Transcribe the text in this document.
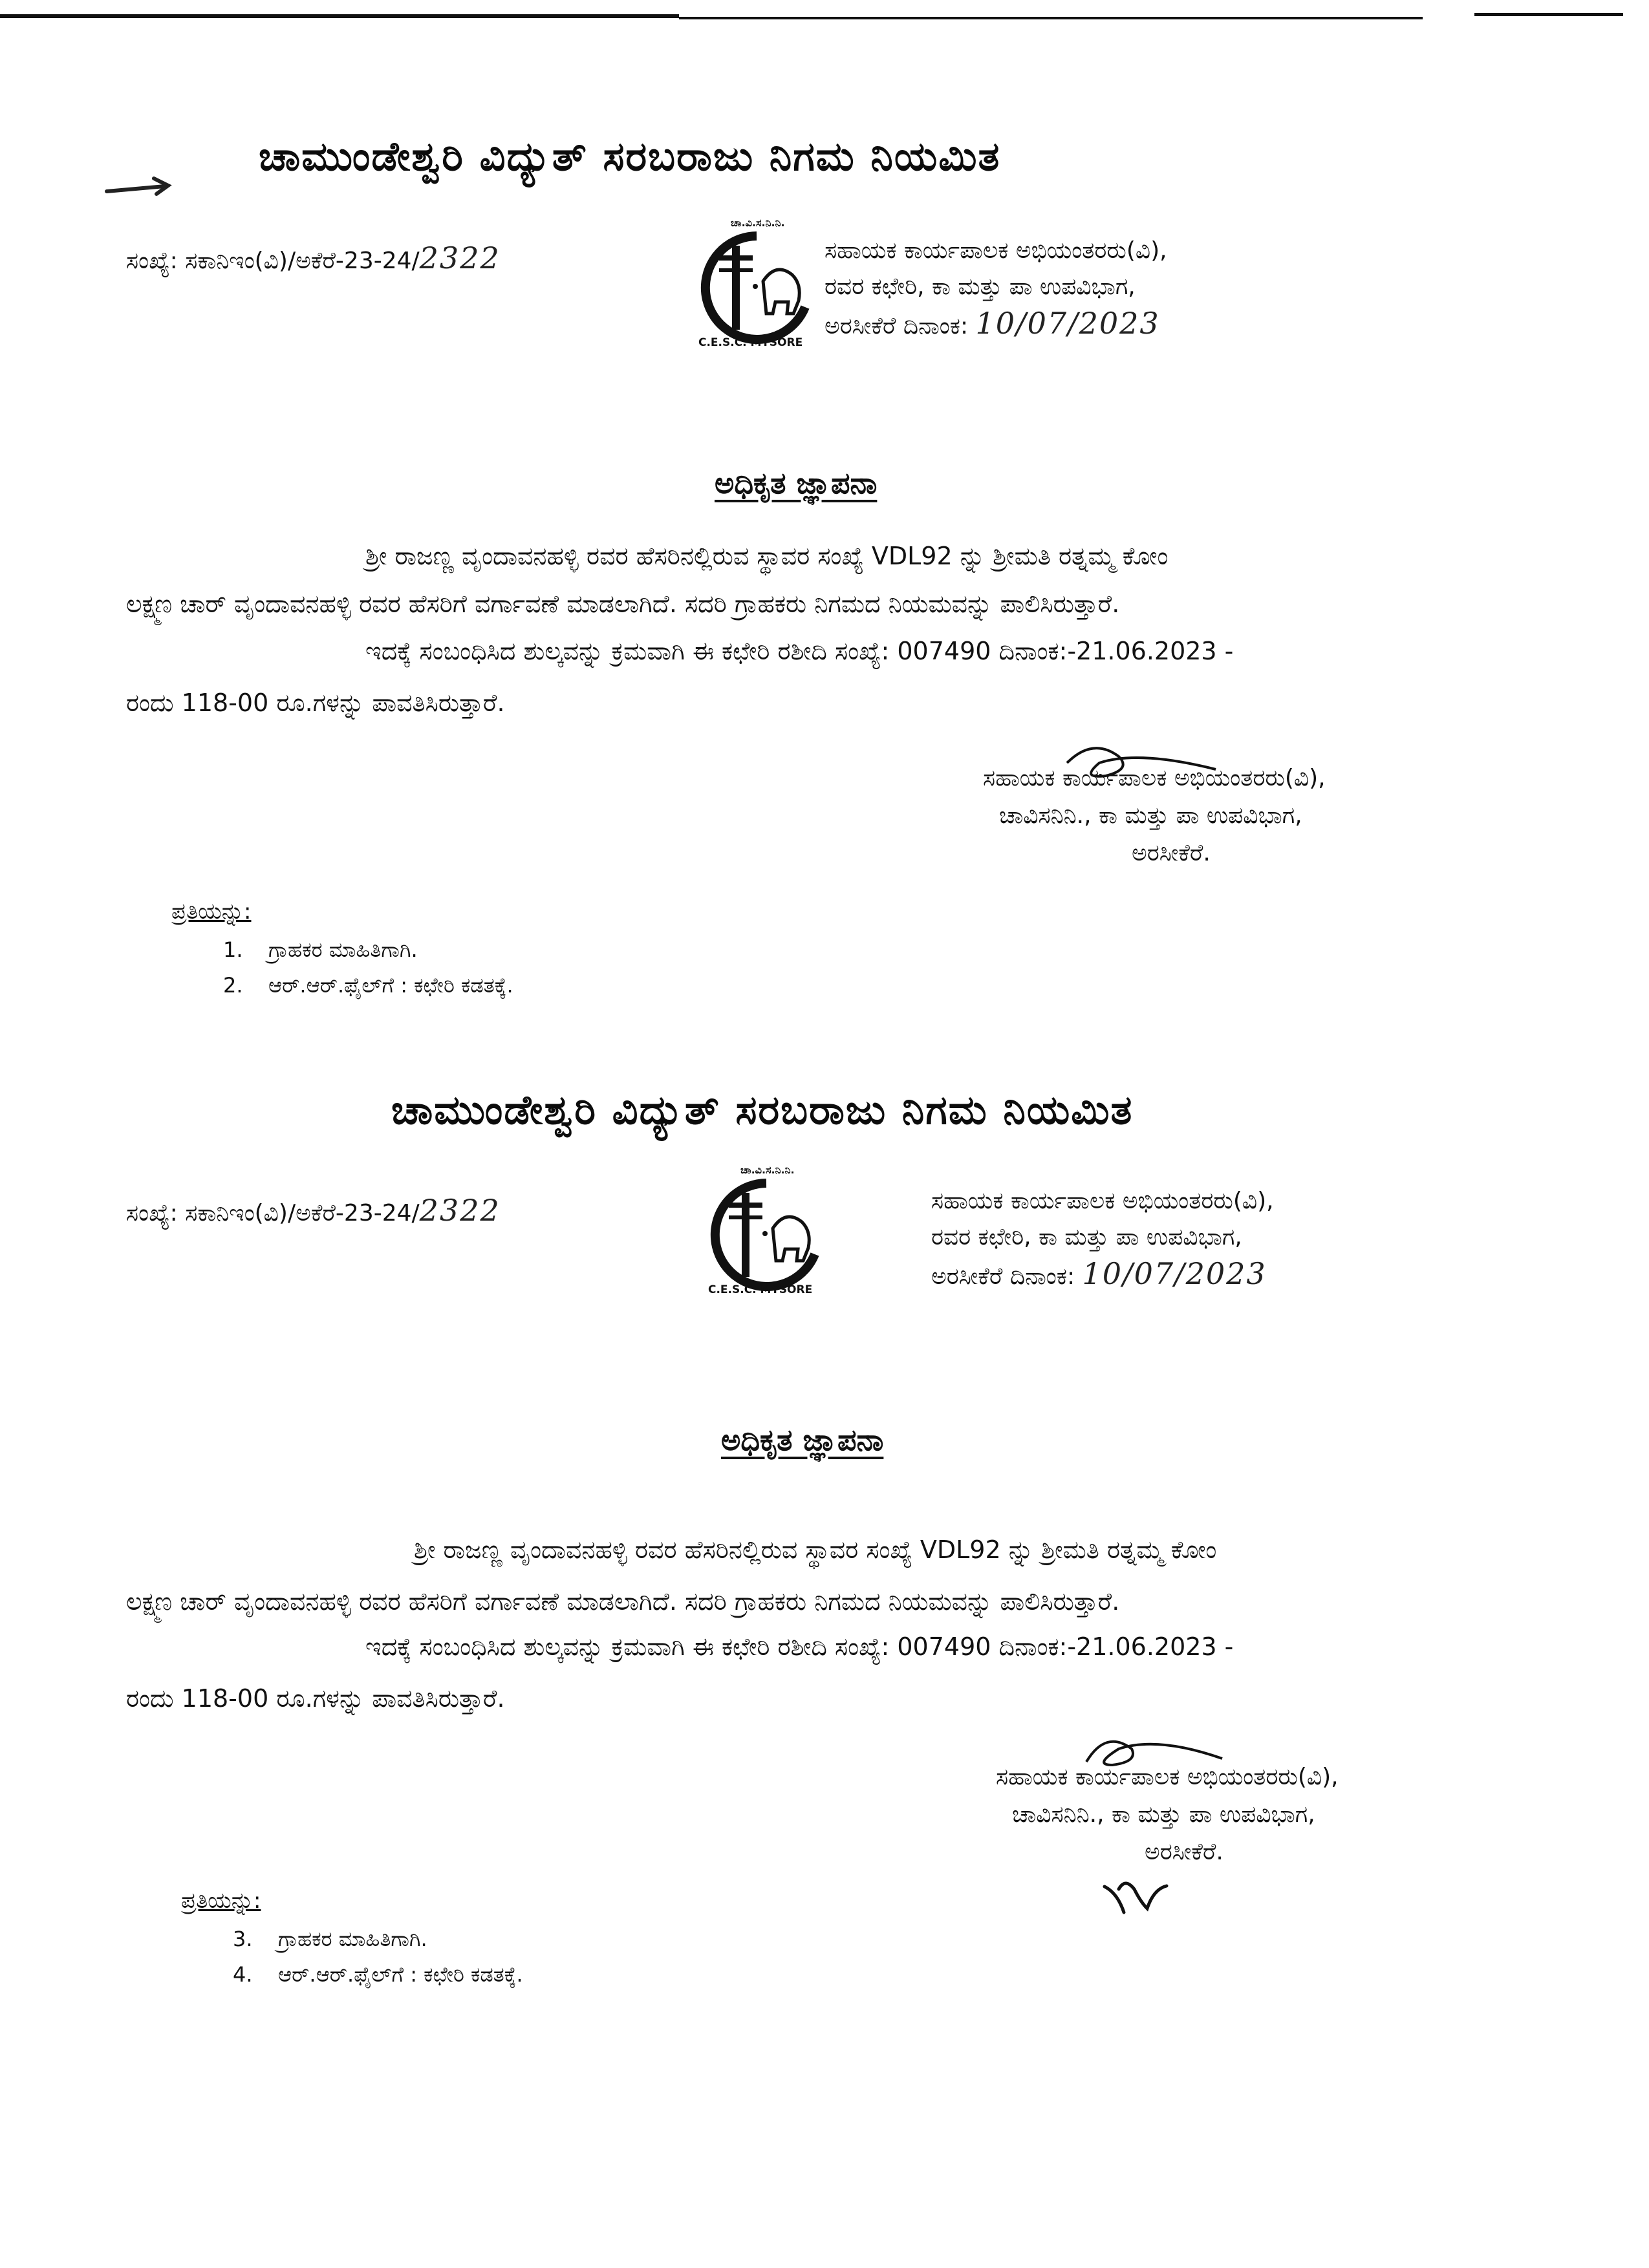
ಚಾಮುಂಡೇಶ್ವರಿ ವಿದ್ಯುತ್ ಸರಬರಾಜು ನಿಗಮ ನಿಯಮಿತ
ಸಂಖ್ಯೆ: ಸಕಾನಿಇಂ(ವಿ)/ಅಕೆರೆ-23-24/2322
ಚಾ.ವಿ.ಸ.ನಿ.ನಿ.
C.E.S.C. MYSORE
ಸಹಾಯಕ ಕಾರ್ಯಪಾಲಕ ಅಭಿಯಂತರರು(ವಿ),
ರವರ ಕಛೇರಿ, ಕಾ ಮತ್ತು ಪಾ ಉಪವಿಭಾಗ,
ಅರಸೀಕೆರೆ ದಿನಾಂಕ: 10/07/2023
ಅಧಿಕೃತ ಜ್ಞಾಪನಾ
ಶ್ರೀ ರಾಜಣ್ಣ ವೃಂದಾವನಹಳ್ಳಿ ರವರ ಹೆಸರಿನಲ್ಲಿರುವ ಸ್ಥಾವರ ಸಂಖ್ಯೆ VDL92 ನ್ನು ಶ್ರೀಮತಿ ರತ್ನಮ್ಮ ಕೋಂ
ಲಕ್ಷ್ಮಣ ಚಾರ್ ವೃಂದಾವನಹಳ್ಳಿ ರವರ ಹೆಸರಿಗೆ ವರ್ಗಾವಣೆ ಮಾಡಲಾಗಿದೆ. ಸದರಿ ಗ್ರಾಹಕರು ನಿಗಮದ ನಿಯಮವನ್ನು ಪಾಲಿಸಿರುತ್ತಾರೆ.
ಇದಕ್ಕೆ ಸಂಬಂಧಿಸಿದ ಶುಲ್ಕವನ್ನು ಕ್ರಮವಾಗಿ ಈ ಕಛೇರಿ ರಶೀದಿ ಸಂಖ್ಯೆ: 007490 ದಿನಾಂಕ:-21.06.2023 -
ರಂದು 118-00 ರೂ.ಗಳನ್ನು ಪಾವತಿಸಿರುತ್ತಾರೆ.
ಸಹಾಯಕ ಕಾರ್ಯಪಾಲಕ ಅಭಿಯಂತರರು(ವಿ),
ಚಾವಿಸನಿನಿ., ಕಾ ಮತ್ತು ಪಾ ಉಪವಿಭಾಗ,
ಅರಸೀಕೆರೆ.
ಪ್ರತಿಯನ್ನು:
1. ಗ್ರಾಹಕರ ಮಾಹಿತಿಗಾಗಿ.
2. ಆರ್.ಆರ್.ಫೈಲ್‌ಗೆ : ಕಛೇರಿ ಕಡತಕ್ಕೆ.
ಚಾಮುಂಡೇಶ್ವರಿ ವಿದ್ಯುತ್ ಸರಬರಾಜು ನಿಗಮ ನಿಯಮಿತ
ಸಂಖ್ಯೆ: ಸಕಾನಿಇಂ(ವಿ)/ಅಕೆರೆ-23-24/2322
ಚಾ.ವಿ.ಸ.ನಿ.ನಿ.
C.E.S.C. MYSORE
ಸಹಾಯಕ ಕಾರ್ಯಪಾಲಕ ಅಭಿಯಂತರರು(ವಿ),
ರವರ ಕಛೇರಿ, ಕಾ ಮತ್ತು ಪಾ ಉಪವಿಭಾಗ,
ಅರಸೀಕೆರೆ ದಿನಾಂಕ: 10/07/2023
ಅಧಿಕೃತ ಜ್ಞಾಪನಾ
ಶ್ರೀ ರಾಜಣ್ಣ ವೃಂದಾವನಹಳ್ಳಿ ರವರ ಹೆಸರಿನಲ್ಲಿರುವ ಸ್ಥಾವರ ಸಂಖ್ಯೆ VDL92 ನ್ನು ಶ್ರೀಮತಿ ರತ್ನಮ್ಮ ಕೋಂ
ಲಕ್ಷ್ಮಣ ಚಾರ್ ವೃಂದಾವನಹಳ್ಳಿ ರವರ ಹೆಸರಿಗೆ ವರ್ಗಾವಣೆ ಮಾಡಲಾಗಿದೆ. ಸದರಿ ಗ್ರಾಹಕರು ನಿಗಮದ ನಿಯಮವನ್ನು ಪಾಲಿಸಿರುತ್ತಾರೆ.
ಇದಕ್ಕೆ ಸಂಬಂಧಿಸಿದ ಶುಲ್ಕವನ್ನು ಕ್ರಮವಾಗಿ ಈ ಕಛೇರಿ ರಶೀದಿ ಸಂಖ್ಯೆ: 007490 ದಿನಾಂಕ:-21.06.2023 -
ರಂದು 118-00 ರೂ.ಗಳನ್ನು ಪಾವತಿಸಿರುತ್ತಾರೆ.
ಸಹಾಯಕ ಕಾರ್ಯಪಾಲಕ ಅಭಿಯಂತರರು(ವಿ),
ಚಾವಿಸನಿನಿ., ಕಾ ಮತ್ತು ಪಾ ಉಪವಿಭಾಗ,
ಅರಸೀಕೆರೆ.
ಪ್ರತಿಯನ್ನು:
3. ಗ್ರಾಹಕರ ಮಾಹಿತಿಗಾಗಿ.
4. ಆರ್.ಆರ್.ಫೈಲ್‌ಗೆ : ಕಛೇರಿ ಕಡತಕ್ಕೆ.
